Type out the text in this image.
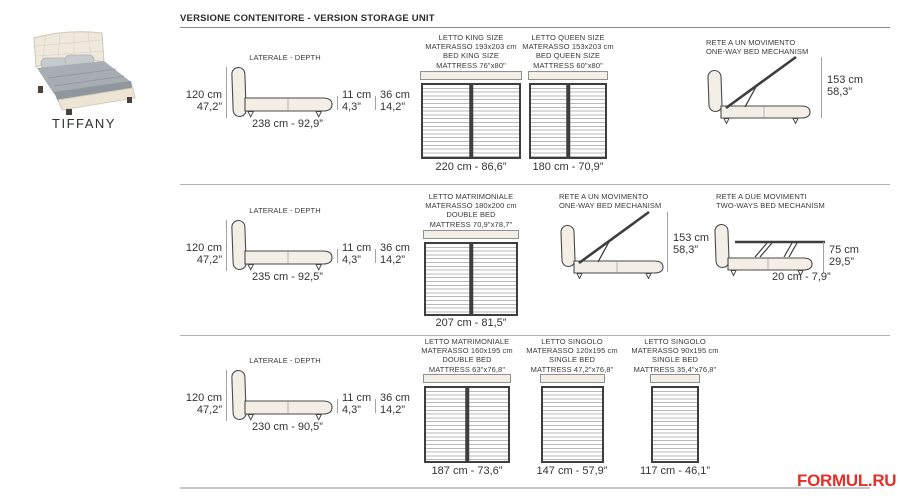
TIFFANY
VERSIONE CONTENITORE - VERSION STORAGE UNIT
LATERALE - DEPTH
120 cm
47,2”
238 cm - 92,9”
11 cm
4,3”
36 cm
14,2”
LETTO KING SIZE
MATERASSO 193x203 cm
BED KING SIZE
MATTRESS 76"x80"
220 cm - 86,6”
LETTO QUEEN SIZE
MATERASSO 153x203 cm
BED QUEEN SIZE
MATTRESS 60"x80"
180 cm - 70,9”
RETE A UN MOVIMENTO
ONE-WAY BED MECHANISM
153 cm
58,3”
LATERALE - DEPTH
120 cm
47,2”
235 cm - 92,5”
11 cm
4,3”
36 cm
14,2”
LETTO MATRIMONIALE
MATERASSO 180x200 cm
DOUBLE BED
MATTRESS 70,9"x78,7"
207 cm - 81,5”
RETE A UN MOVIMENTO
ONE-WAY BED MECHANISM
153 cm
58,3”
RETE A DUE MOVIMENTI
TWO-WAYS BED MECHANISM
75 cm
29,5”
20 cm - 7,9”
LATERALE - DEPTH
120 cm
47,2”
230 cm - 90,5”
11 cm
4,3”
36 cm
14,2”
LETTO MATRIMONIALE
MATERASSO 160x195 cm
DOUBLE BED
MATTRESS 63"x76,8"
187 cm - 73,6”
LETTO SINGOLO
MATERASSO 120x195 cm
SINGLE BED
MATTRESS 47,2"x76,8"
147 cm - 57,9”
LETTO SINGOLO
MATERASSO 90x195 cm
SINGLE BED
MATTRESS 35,4"x76,8"
117 cm - 46,1”	FORMUL.RU
